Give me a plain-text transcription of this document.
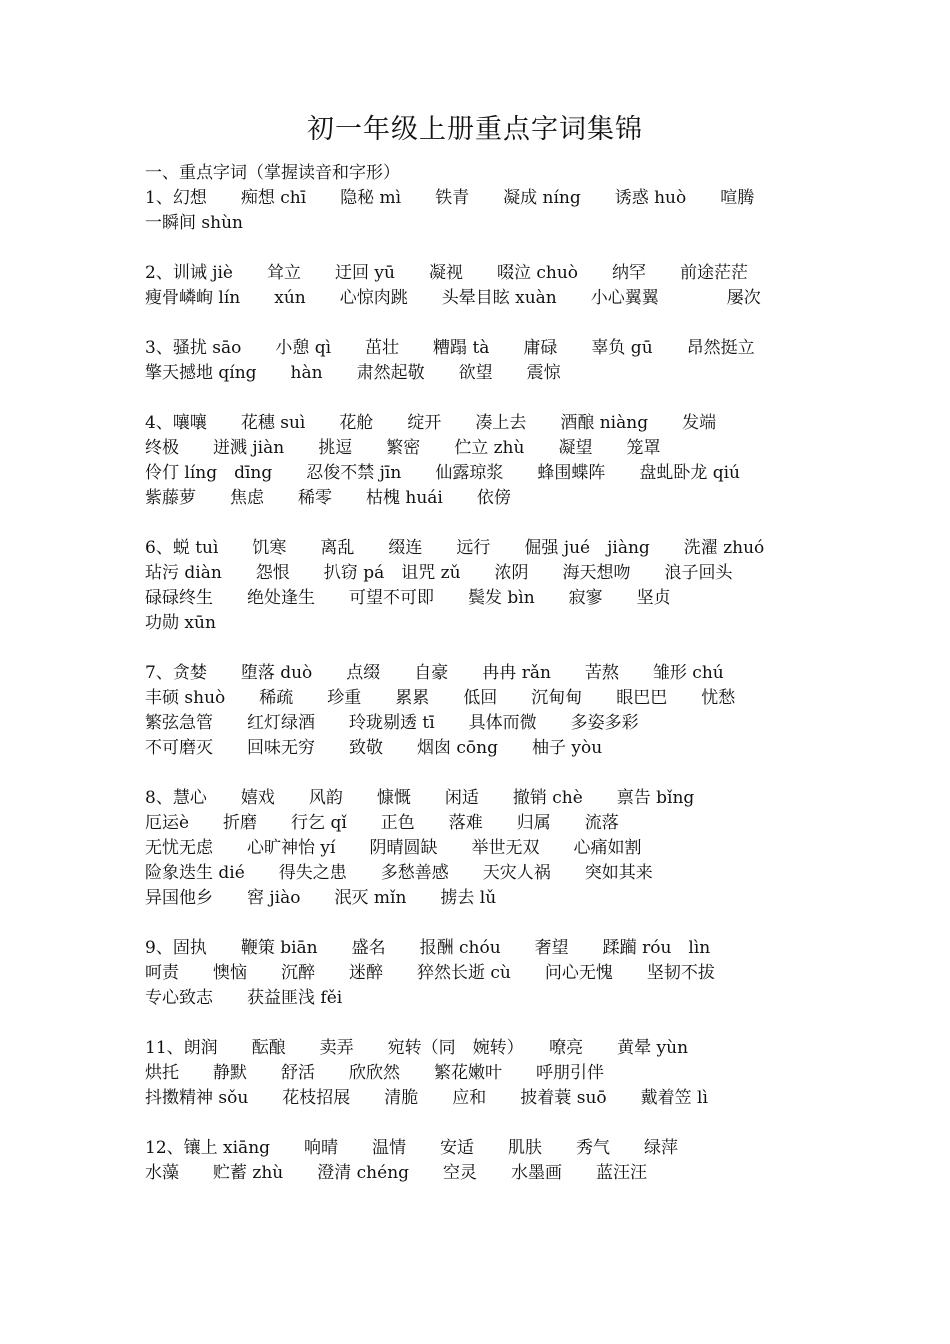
初一年级上册重点字词集锦
一、重点字词（掌握读音和字形）
1、幻想　　痴想 chī　　隐秘 mì　　铁青　　凝成 níng　　诱惑 huò　　喧腾
一瞬间 shùn
2、训诫 jiè　　耸立　　迂回 yū　　凝视　　啜泣 chuò　　纳罕　　前途茫茫
瘦骨嶙峋 lín　　xún　　心惊肉跳　　头晕目眩 xuàn　　小心翼翼　　　　屡次
3、骚扰 sāo　　小憩 qì　　茁壮　　糟蹋 tà　　庸碌　　辜负 gū　　昂然挺立
擎天撼地 qíng　　hàn　　肃然起敬　　欲望　　震惊
4、嚷嚷　　花穗 suì　　花舱　　绽开　　凑上去　　酒酿 niàng　　发端
终极　　迸溅 jiàn　　挑逗　　繁密　　伫立 zhù　　凝望　　笼罩
伶仃 líng　dīng　　忍俊不禁 jīn　　仙露琼浆　　蜂围蝶阵　　盘虬卧龙 qiú
紫藤萝　　焦虑　　稀零　　枯槐 huái　　依傍
6、蜕 tuì　　饥寒　　离乱　　缀连　　远行　　倔强 jué　jiàng　　洗濯 zhuó
玷污 diàn　　怨恨　　扒窃 pá　诅咒 zǔ　　浓阴　　海天想吻　　浪子回头
碌碌终生　　绝处逢生　　可望不可即　　鬓发 bìn　　寂寥　　坚贞
功勋 xūn
7、贪婪　　堕落 duò　　点缀　　自豪　　冉冉 rǎn　　苦熬　　雏形 chú
丰硕 shuò　　稀疏　　珍重　　累累　　低回　　沉甸甸　　眼巴巴　　忧愁
繁弦急管　　红灯绿酒　　玲珑剔透 tī　　具体而微　　多姿多彩
不可磨灭　　回味无穷　　致敬　　烟囱 cōng　　柚子 yòu
8、慧心　　嬉戏　　风韵　　慷慨　　闲适　　撤销 chè　　禀告 bǐng
厄运è　　折磨　　行乞 qǐ　　正色　　落难　　归属　　流落
无忧无虑　　心旷神怡 yí　　阴晴圆缺　　举世无双　　心痛如割
险象迭生 dié　　得失之患　　多愁善感　　天灾人祸　　突如其来
异国他乡　　窖 jiào　　泯灭 mǐn　　掳去 lǔ
9、固执　　鞭策 biān　　盛名　　报酬 chóu　　奢望　　蹂躏 róu　lìn
呵责　　懊恼　　沉醉　　迷醉　　猝然长逝 cù　　问心无愧　　坚韧不拔
专心致志　　获益匪浅 fěi
11、朗润　　酝酿　　卖弄　　宛转（同　婉转）　　嘹亮　　黄晕 yùn
烘托　　静默　　舒活　　欣欣然　　繁花嫩叶　　呼朋引伴
抖擞精神 sǒu　　花枝招展　　清脆　　应和　　披着蓑 suō　　戴着笠 lì
12、镶上 xiāng　　响晴　　温情　　安适　　肌肤　　秀气　　绿萍
水藻　　贮蓄 zhù　　澄清 chéng　　空灵　　水墨画　　蓝汪汪
